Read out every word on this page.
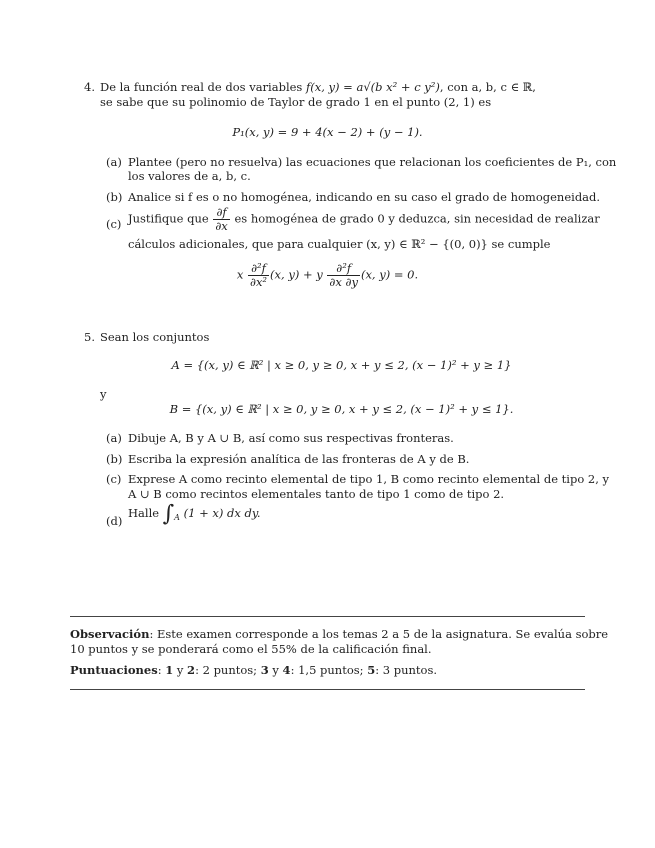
4. De la función real de dos variables f(x, y) = a√(b x² + c y²), con a, b, c ∈ ℝ,
se sabe que su polinomio de Taylor de grado 1 en el punto (2, 1) es
P₁(x, y) = 9 + 4(x − 2) + (y − 1).
(a) Plantee (pero no resuelva) las ecuaciones que relacionan los coeficientes de P₁, con
los valores de a, b, c.
(b) Analice si f es o no homogénea, indicando en su caso el grado de homogeneidad.
(c) Justifique que $\frac{\partial f}{\partial x}$ es homogénea de grado 0 y deduzca, sin necesidad de realizar
cálculos adicionales, que para cualquier (x, y) ∈ ℝ² − {(0, 0)} se cumple
x $\frac{\text{∂²f}}{\text{∂x²}} (x$, y) + y $\frac{\text{∂²f}}{\partial x \partial y} (x$, y) = 0.
5. Sean los conjuntos
A = {(x, y) ∈ ℝ² | x ≥ 0, y ≥ 0, x + y ≤ 2, (x − 1)² + y ≥ 1}
y
B = {(x, y) ∈ ℝ² | x ≥ 0, y ≥ 0, x + y ≤ 2, (x − 1)² + y ≤ 1}.
(a) Dibuje A, B y A ∪ B, así como sus respectivas fronteras.
(b) Escriba la expresión analítica de las fronteras de A y de B.
(c) Exprese A como recinto elemental de tipo 1, B como recinto elemental de tipo 2, y
A ∪ B como recintos elementales tanto de tipo 1 como de tipo 2.
(d)
Halle $\int_A$ (1 + x) dx dy.
Observación: Este examen corresponde a los temas 2 a 5 de la asignatura. Se evalúa sobre
10 puntos y se ponderará como el 55% de la calificación final.
Puntuaciones: 1 y 2: 2 puntos; 3 y 4: 1,5 puntos; 5: 3 puntos.
